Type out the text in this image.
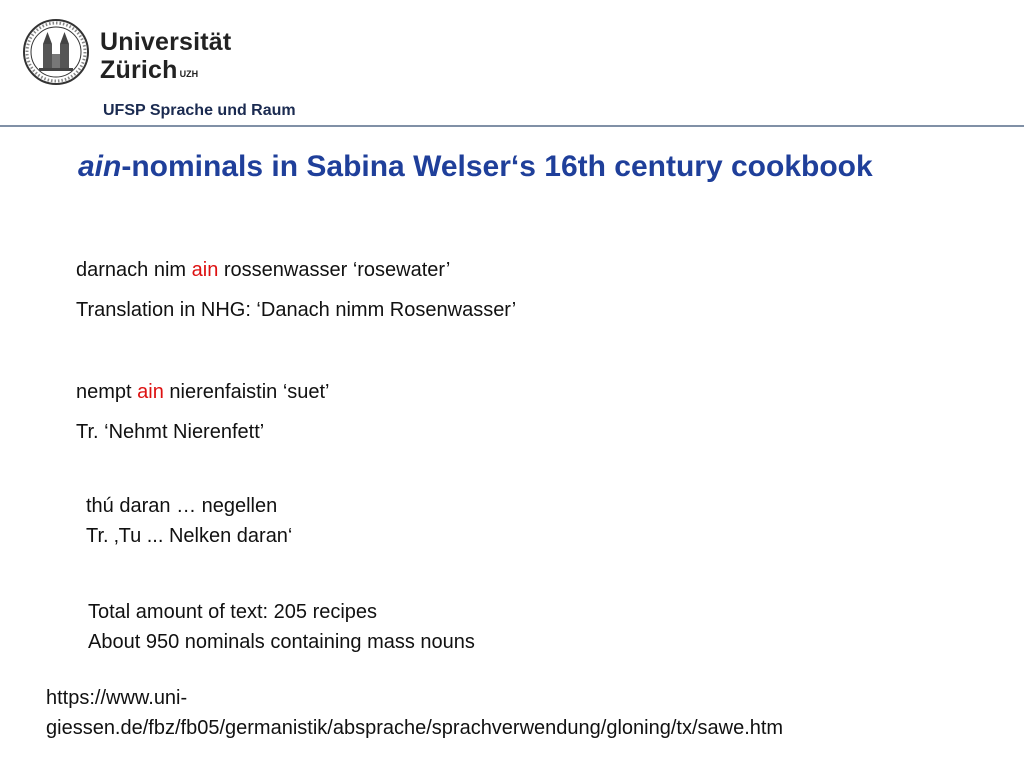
Universität
Zürich $^{UZH}$
UFSP Sprache und Raum
ain-nominals in Sabina Welser‘s 16th century cookbook
darnach nim ain rossenwasser ‘rosewater’
Translation in NHG: ‘Danach nimm Rosenwasser’
nempt ain nierenfaistin ‘suet’
Tr. ‘Nehmt Nierenfett’
thú daran … negellen
Tr. ‚Tu ... Nelken daran‘
Total amount of text: 205 recipes
About 950 nominals containing mass nouns
https://www.uni-
giessen.de/fbz/fb05/germanistik/absprache/sprachverwendung/gloning/tx/sawe.htm
